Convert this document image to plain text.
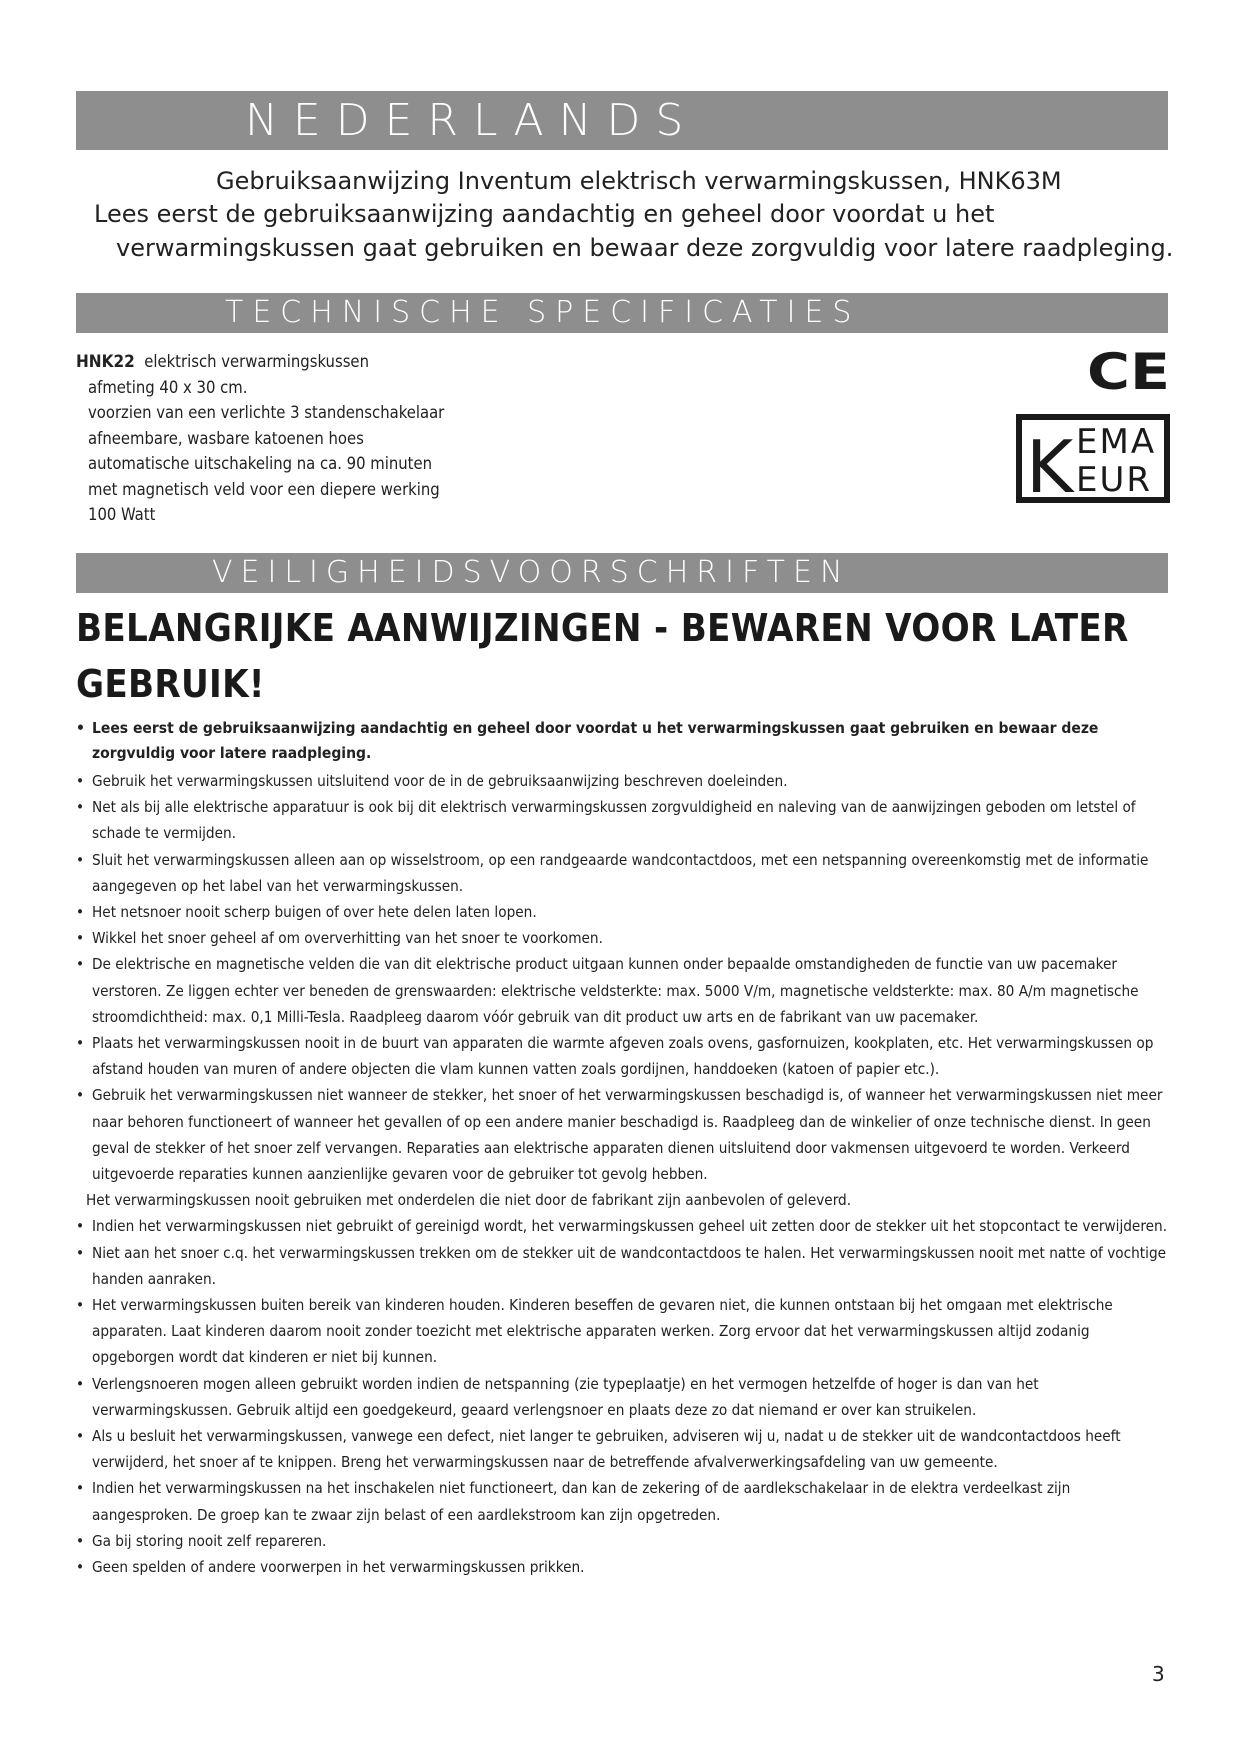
NEDERLANDS
Gebruiksaanwijzing Inventum elektrisch verwarmingskussen, HNK63M
Lees eerst de gebruiksaanwijzing aandachtig en geheel door voordat u het
verwarmingskussen gaat gebruiken en bewaar deze zorgvuldig voor latere raadpleging.
TECHNISCHE SPECIFICATIES
HNK22 elektrisch verwarmingskussen
afmeting 40 x 30 cm.
voorzien van een verlichte 3 standenschakelaar
afneembare, wasbare katoenen hoes
automatische uitschakeling na ca. 90 minuten
met magnetisch veld voor een diepere werking
100 Watt
CE
K EMA
EUR
VEILIGHEIDSVOORSCHRIFTEN
BELANGRIJKE AANWIJZINGEN - BEWAREN VOOR LATER GEBRUIK!
• Lees eerst de gebruiksaanwijzing aandachtig en geheel door voordat u het verwarmingskussen gaat gebruiken en bewaar deze zorgvuldig voor latere raadpleging.
• Gebruik het verwarmingskussen uitsluitend voor de in de gebruiksaanwijzing beschreven doeleinden.
• Net als bij alle elektrische apparatuur is ook bij dit elektrisch verwarmingskussen zorgvuldigheid en naleving van de aanwijzingen geboden om letstel of schade te vermijden.
• Sluit het verwarmingskussen alleen aan op wisselstroom, op een randgeaarde wandcontactdoos, met een netspanning overeenkomstig met de informatie aangegeven op het label van het verwarmingskussen.
• Het netsnoer nooit scherp buigen of over hete delen laten lopen.
• Wikkel het snoer geheel af om oververhitting van het snoer te voorkomen.
• De elektrische en magnetische velden die van dit elektrische product uitgaan kunnen onder bepaalde omstandigheden de functie van uw pacemaker verstoren. Ze liggen echter ver beneden de grenswaarden: elektrische veldsterkte: max. 5000 V/m, magnetische veldsterkte: max. 80 A/m magnetische stroomdichtheid: max. 0,1 Milli-Tesla. Raadpleeg daarom vóór gebruik van dit product uw arts en de fabrikant van uw pacemaker.
• Plaats het verwarmingskussen nooit in de buurt van apparaten die warmte afgeven zoals ovens, gasfornuizen, kookplaten, etc. Het verwarmingskussen op afstand houden van muren of andere objecten die vlam kunnen vatten zoals gordijnen, handdoeken (katoen of papier etc.).
• Gebruik het verwarmingskussen niet wanneer de stekker, het snoer of het verwarmingskussen beschadigd is, of wanneer het verwarmingskussen niet meer naar behoren functioneert of wanneer het gevallen of op een andere manier beschadigd is. Raadpleeg dan de winkelier of onze technische dienst. In geen geval de stekker of het snoer zelf vervangen. Reparaties aan elektrische apparaten dienen uitsluitend door vakmensen uitgevoerd te worden. Verkeerd uitgevoerde reparaties kunnen aanzienlijke gevaren voor de gebruiker tot gevolg hebben.
Het verwarmingskussen nooit gebruiken met onderdelen die niet door de fabrikant zijn aanbevolen of geleverd.
• Indien het verwarmingskussen niet gebruikt of gereinigd wordt, het verwarmingskussen geheel uit zetten door de stekker uit het stopcontact te verwijderen.
• Niet aan het snoer c.q. het verwarmingskussen trekken om de stekker uit de wandcontactdoos te halen. Het verwarmingskussen nooit met natte of vochtige handen aanraken.
• Het verwarmingskussen buiten bereik van kinderen houden. Kinderen beseffen de gevaren niet, die kunnen ontstaan bij het omgaan met elektrische apparaten. Laat kinderen daarom nooit zonder toezicht met elektrische apparaten werken. Zorg ervoor dat het verwarmingskussen altijd zodanig opgeborgen wordt dat kinderen er niet bij kunnen.
• Verlengsnoeren mogen alleen gebruikt worden indien de netspanning (zie typeplaatje) en het vermogen hetzelfde of hoger is dan van het verwarmingskussen. Gebruik altijd een goedgekeurd, geaard verlengsnoer en plaats deze zo dat niemand er over kan struikelen.
• Als u besluit het verwarmingskussen, vanwege een defect, niet langer te gebruiken, adviseren wij u, nadat u de stekker uit de wandcontactdoos heeft verwijderd, het snoer af te knippen. Breng het verwarmingskussen naar de betreffende afvalverwerkingsafdeling van uw gemeente.
• Indien het verwarmingskussen na het inschakelen niet functioneert, dan kan de zekering of de aardlekschakelaar in de elektra verdeelkast zijn aangesproken. De groep kan te zwaar zijn belast of een aardlekstroom kan zijn opgetreden.
• Ga bij storing nooit zelf repareren.
• Geen spelden of andere voorwerpen in het verwarmingskussen prikken.
3
